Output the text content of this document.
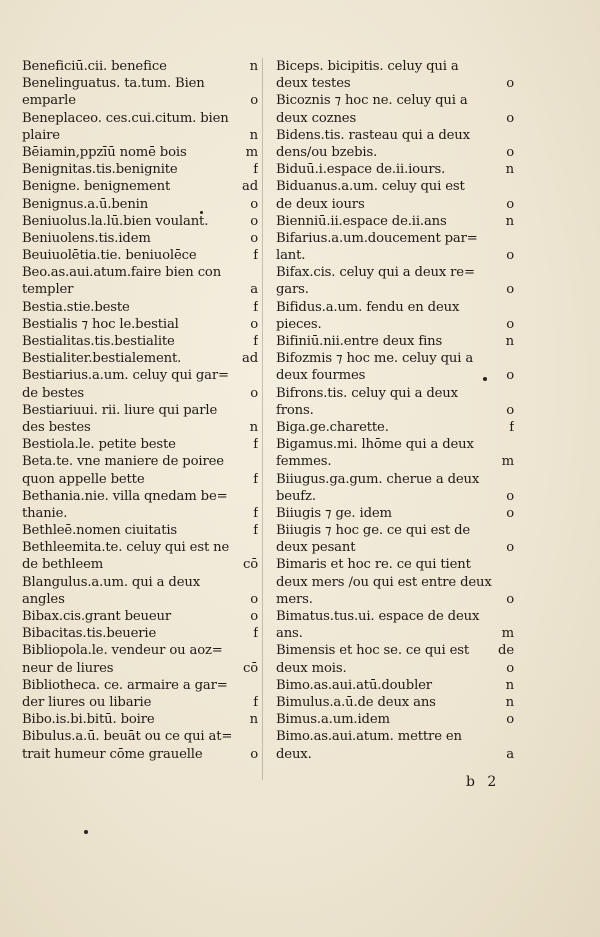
Beneficiū.cii. benefice	n
Benelinguatus. ta.tum. Bien
emparle	o
Beneplaceo. ces.cui.citum. bien
plaire	n
Bēiamin,ppzīū nomē bois	m
Benignitas.tis.benignite	f
Benigne. benignement	ad
Benignus.a.ū.benin	o
Beniuolus.la.lū.bien voulant.	o
Beniuolens.tis.idem	o
Beuiuolētia.tie. beniuolēce	f
Beo.as.aui.atum.faire bien con
templer	a
Bestia.stie.beste	f
Bestialis ⁊ hoc le.bestial	o
Bestialitas.tis.bestialite	f
Bestialiter.bestialement.	ad
Bestiarius.a.um. celuy qui gar=
de bestes	o
Bestiariuui. rii. liure qui parle
des bestes	n
Bestiola.le. petite beste	f
Beta.te. vne maniere de poiree
quon appelle bette	f
Bethania.nie. villa qnedam be=
thanie.	f
Bethleē.nomen ciuitatis	f
Bethleemita.te. celuy qui est ne
de bethleem	cō
Blangulus.a.um. qui a deux
angles	o
Bibax.cis.grant beueur	o
Bibacitas.tis.beuerie	f
Bibliopola.le. vendeur ou aoz=
neur de liures	cō
Bibliotheca. ce. armaire a gar=
der liures ou libarie	f
Bibo.is.bi.bitū. boire	n
Bibulus.a.ū. beuāt ou ce qui at=
trait humeur cōme grauelle	o
Biceps. bicipitis. celuy qui a
deux testes	o
Bicoznis ⁊ hoc ne. celuy qui a
deux coznes	o
Bidens.tis. rasteau qui a deux
dens/ou bzebis.	o
Biduū.i.espace de.ii.iours.	n
Biduanus.a.um. celuy qui est
de deux iours	o
Bienniū.ii.espace de.ii.ans	n
Bifarius.a.um.doucement par=
lant.	o
Bifax.cis. celuy qui a deux re=
gars.	o
Bifidus.a.um. fendu en deux
pieces.	o
Bifiniū.nii.entre deux fins	n
Bifozmis ⁊ hoc me. celuy qui a
deux fourmes	o
Bifrons.tis. celuy qui a deux
frons.	o
Biga.ge.charette.	f
Bigamus.mi. lhōme qui a deux
femmes.	m
Biiugus.ga.gum. cherue a deux
beufz.	o
Biiugis ⁊ ge. idem	o
Biiugis ⁊ hoc ge. ce qui est de
deux pesant	o
Bimaris et hoc re. ce qui tient
deux mers /ou qui est entre deux
mers.	o
Bimatus.tus.ui. espace de deux
ans.	m
Bimensis et hoc se. ce qui est de
deux mois.	o
Bimo.as.aui.atū.doubler	n
Bimulus.a.ū.de deux ans	n
Bimus.a.um.idem	o
Bimo.as.aui.atum. mettre en
deux.	a
b 2
